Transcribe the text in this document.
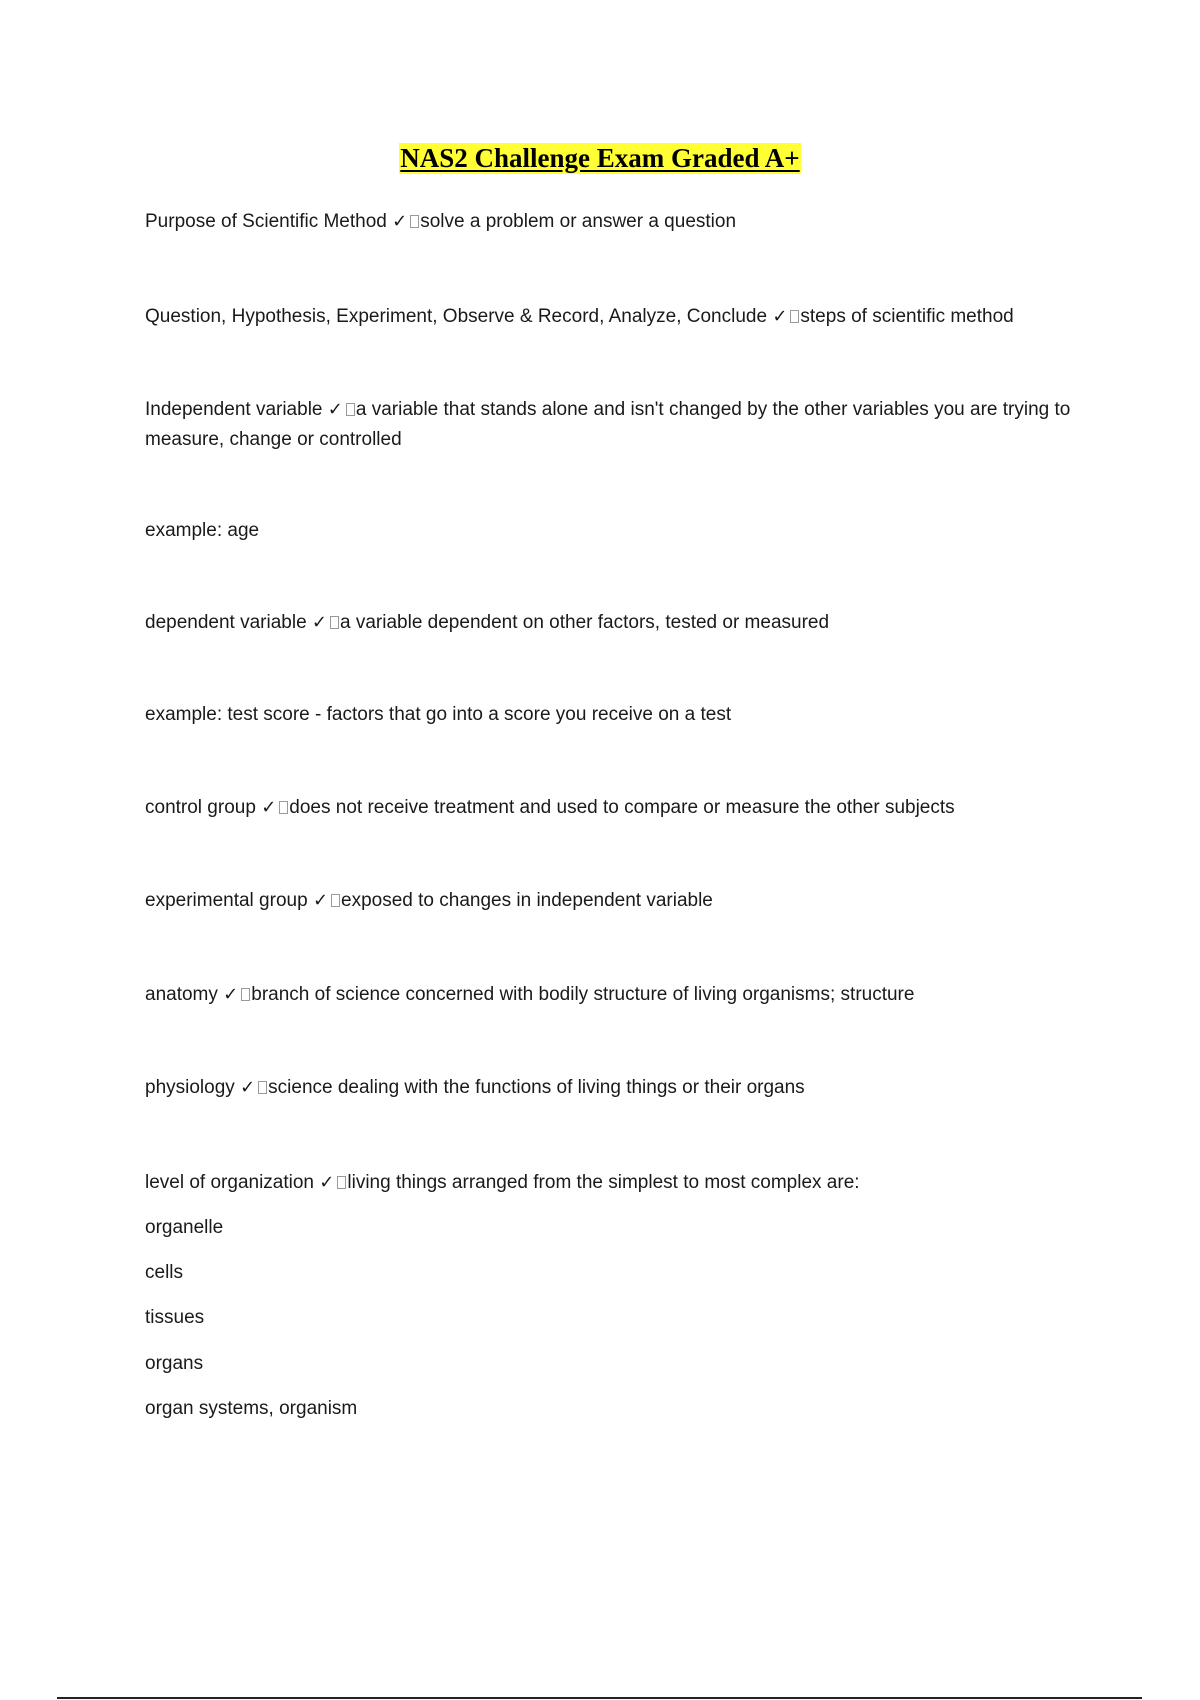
NAS2 Challenge Exam Graded A+
Purpose of Scientific Method ✓ solve a problem or answer a question
Question, Hypothesis, Experiment, Observe & Record, Analyze, Conclude ✓ steps of scientific method
Independent variable ✓ a variable that stands alone and isn't changed by the other variables you are trying to measure, change or controlled
example: age
dependent variable ✓ a variable dependent on other factors, tested or measured
example: test score - factors that go into a score you receive on a test
control group ✓ does not receive treatment and used to compare or measure the other subjects
experimental group ✓ exposed to changes in independent variable
anatomy ✓ branch of science concerned with bodily structure of living organisms; structure
physiology ✓ science dealing with the functions of living things or their organs
level of organization ✓ living things arranged from the simplest to most complex are:
organelle
cells
tissues
organs
organ systems, organism
